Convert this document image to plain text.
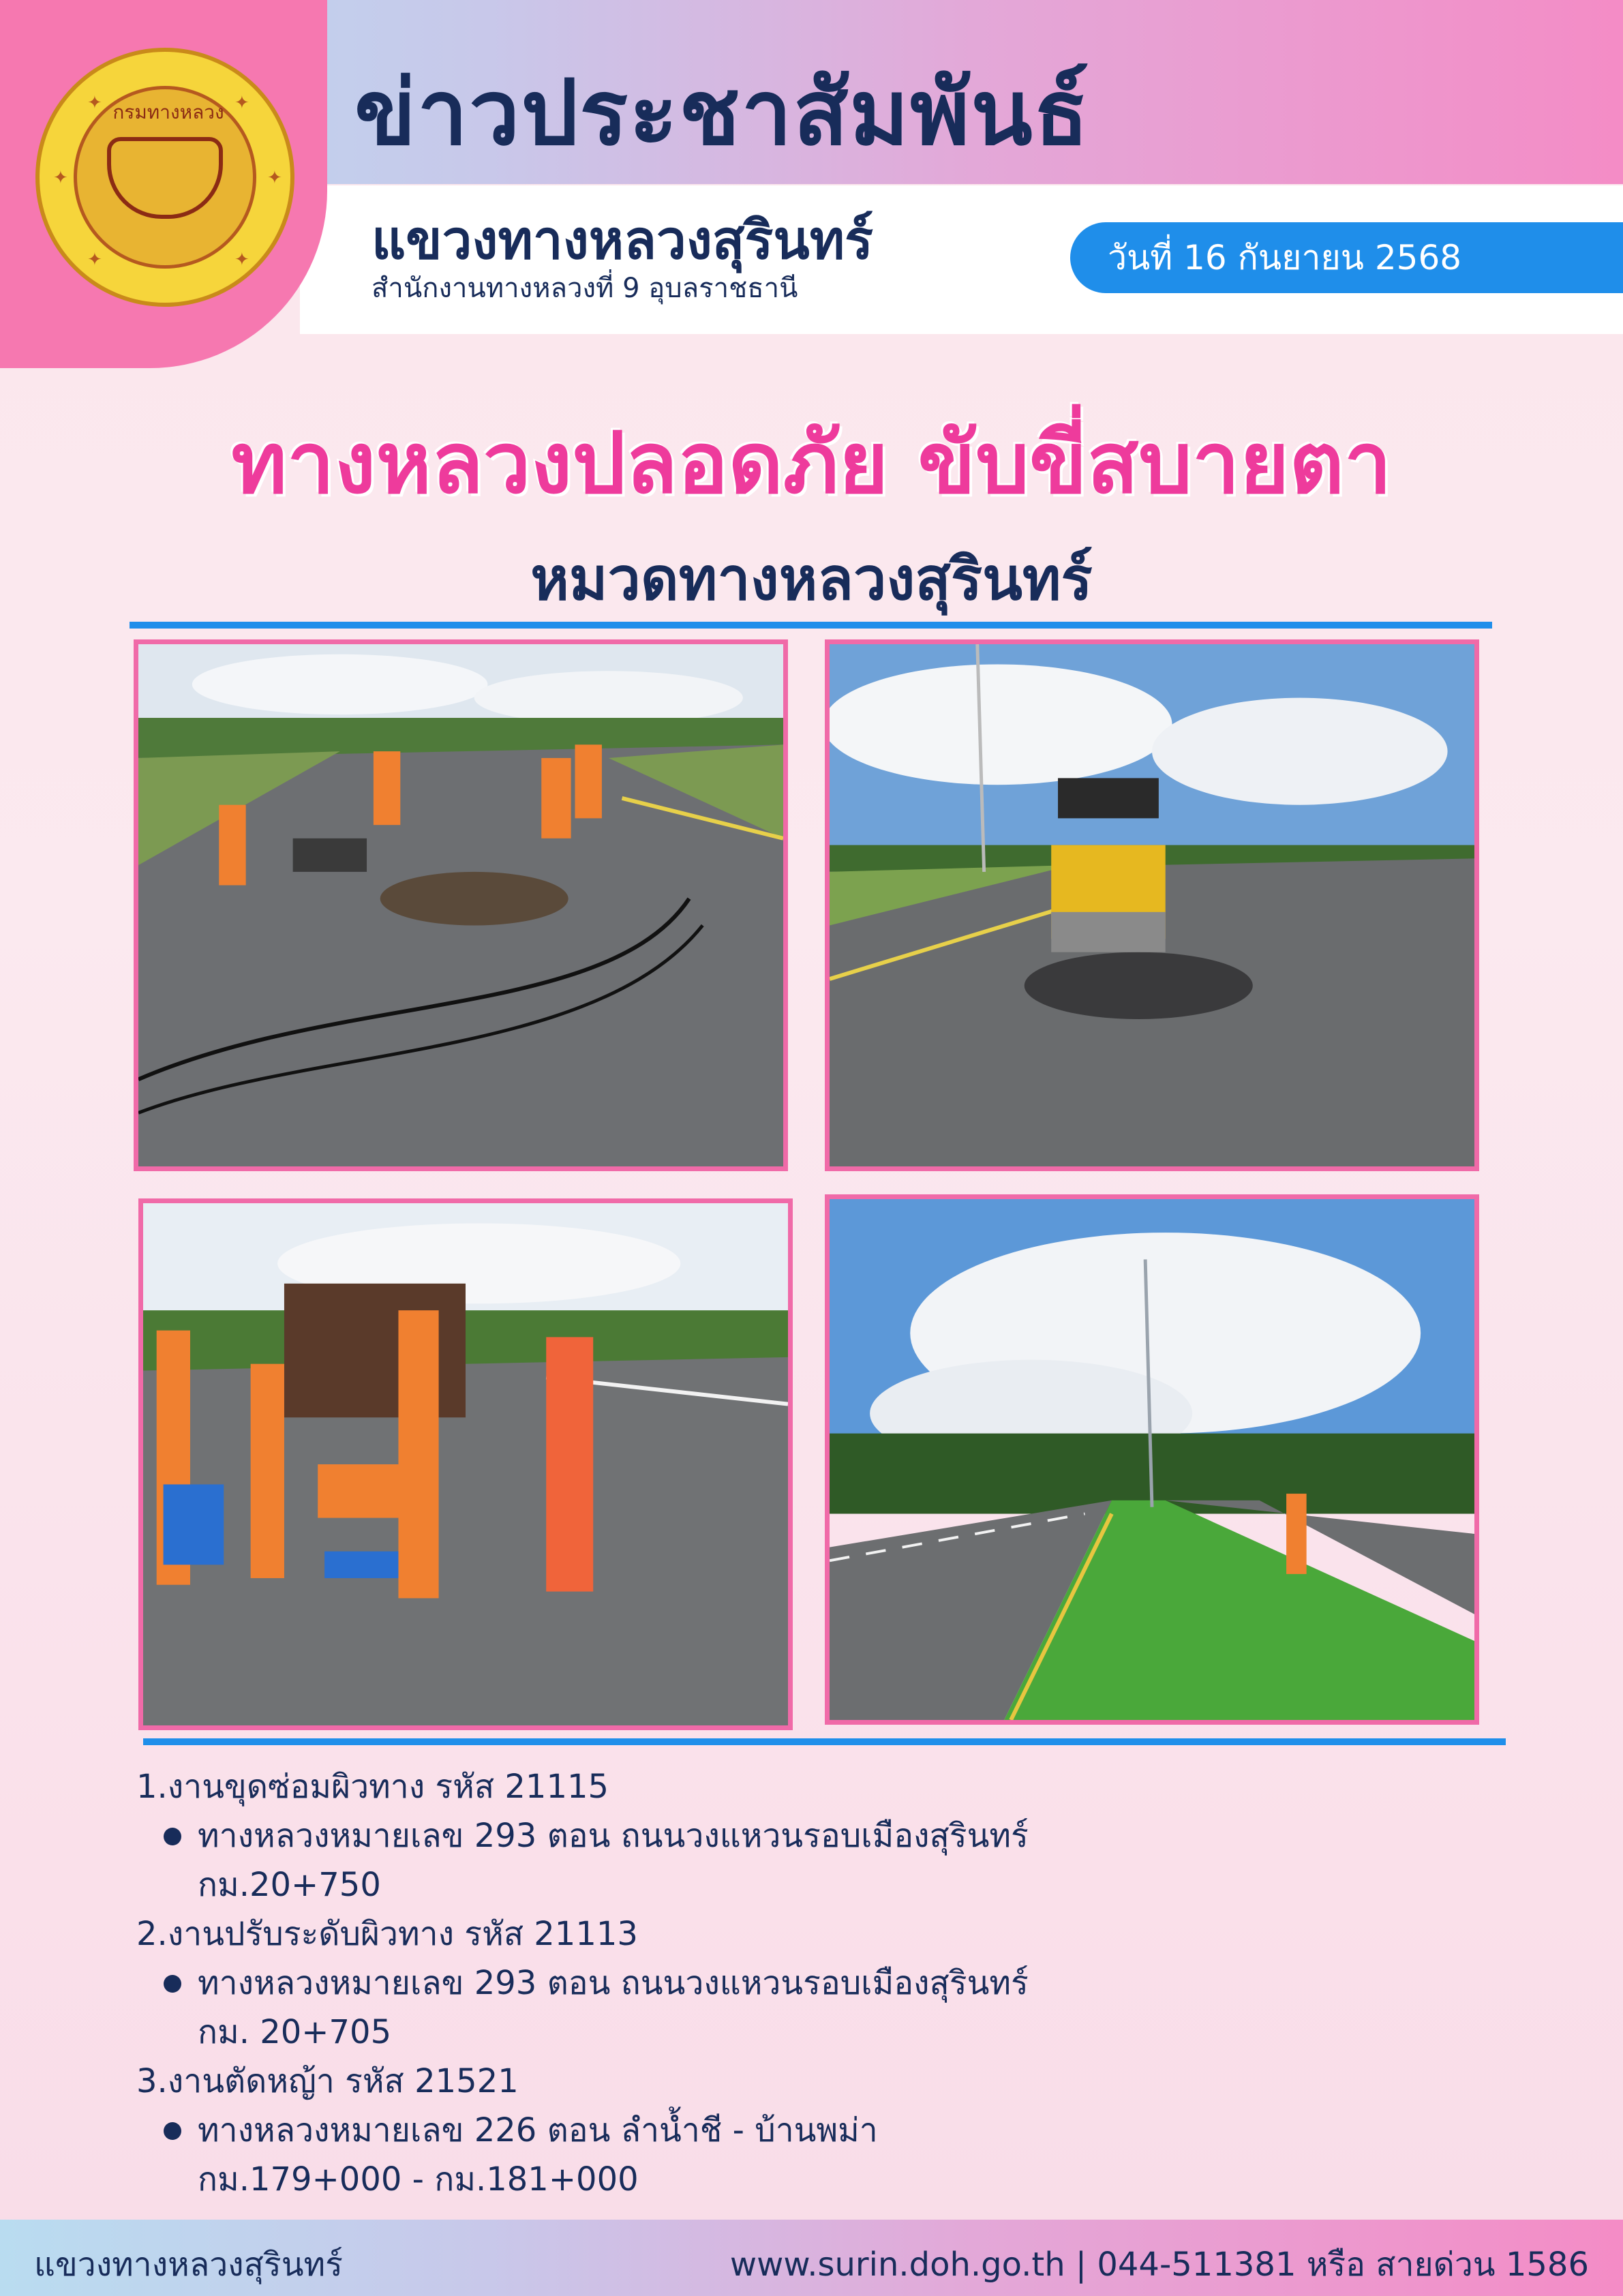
กรมทางหลวง
✦	✦
✦	✦
✦	✦
ข่าวประชาสัมพันธ์
แขวงทางหลวงสุรินทร์
สำนักงานทางหลวงที่ 9 อุบลราชธานี
วันที่ 16 กันยายน 2568
ทางหลวงปลอดภัย ขับขี่สบายตา
หมวดทางหลวงสุรินทร์
1.งานขุดซ่อมผิวทาง รหัส 21115
ทางหลวงหมายเลข 293 ตอน ถนนวงแหวนรอบเมืองสุรินทร์
กม.20+750
2.งานปรับระดับผิวทาง รหัส 21113
ทางหลวงหมายเลข 293 ตอน ถนนวงแหวนรอบเมืองสุรินทร์
กม. 20+705
3.งานตัดหญ้า รหัส 21521
ทางหลวงหมายเลข 226 ตอน ลำน้ำชี - บ้านพม่า
กม.179+000 - กม.181+000
แขวงทางหลวงสุรินทร์	www.surin.doh.go.th | 044-511381 หรือ สายด่วน 1586
